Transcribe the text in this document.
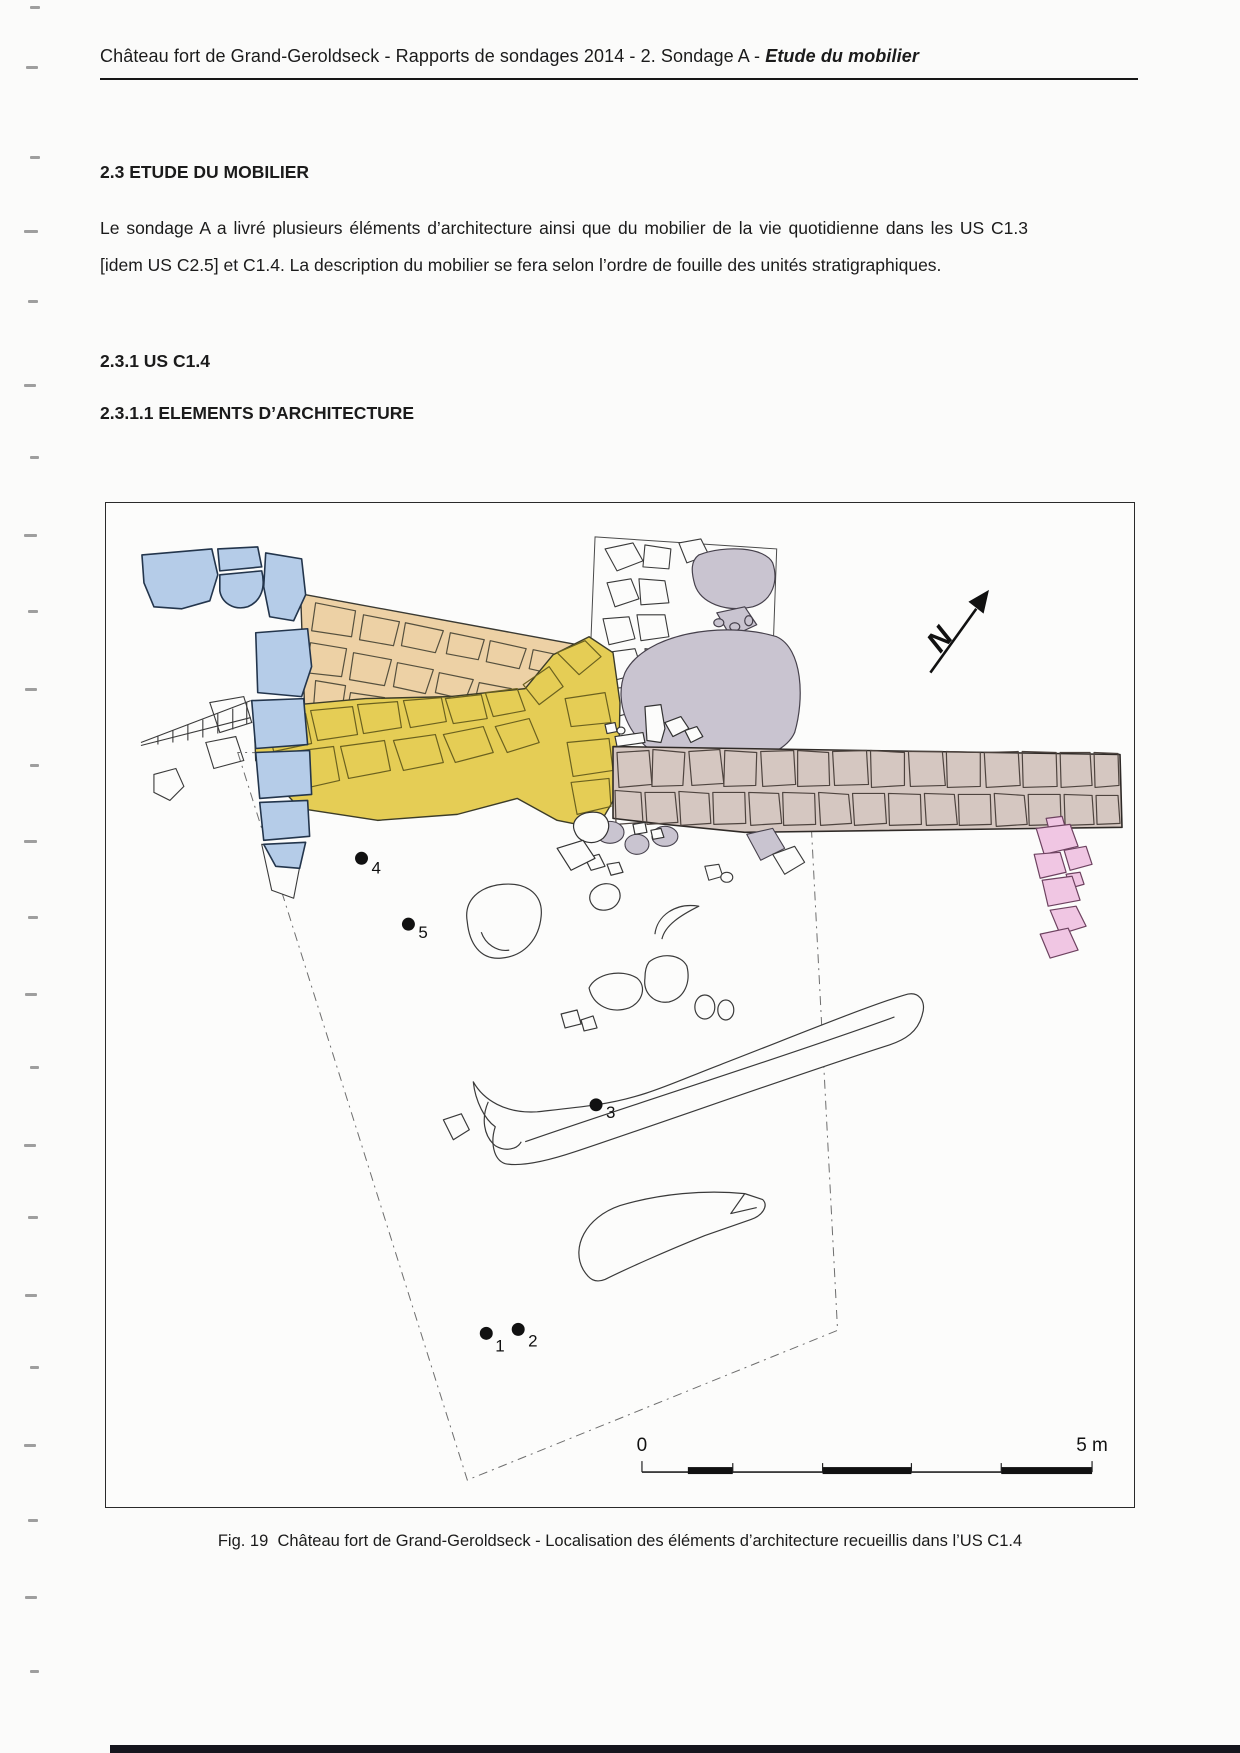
Château fort de Grand-Geroldseck - Rapports de sondages 2014 - 2. Sondage A - Etude du mobilier
2.3 ETUDE DU MOBILIER
Le sondage A a livré plusieurs éléments d’architecture ainsi que du mobilier de la vie quotidienne dans les US C1.3 [idem US C2.5] et C1.4. La description du mobilier se fera selon l’ordre de fouille des unités stratigraphiques.
2.3.1 US C1.4
2.3.1.1 ELEMENTS D’ARCHITECTURE
N
0	5 m
1 2
3
4
5
Fig. 19  Château fort de Grand-Geroldseck - Localisation des éléments d’architecture recueillis dans l’US C1.4
